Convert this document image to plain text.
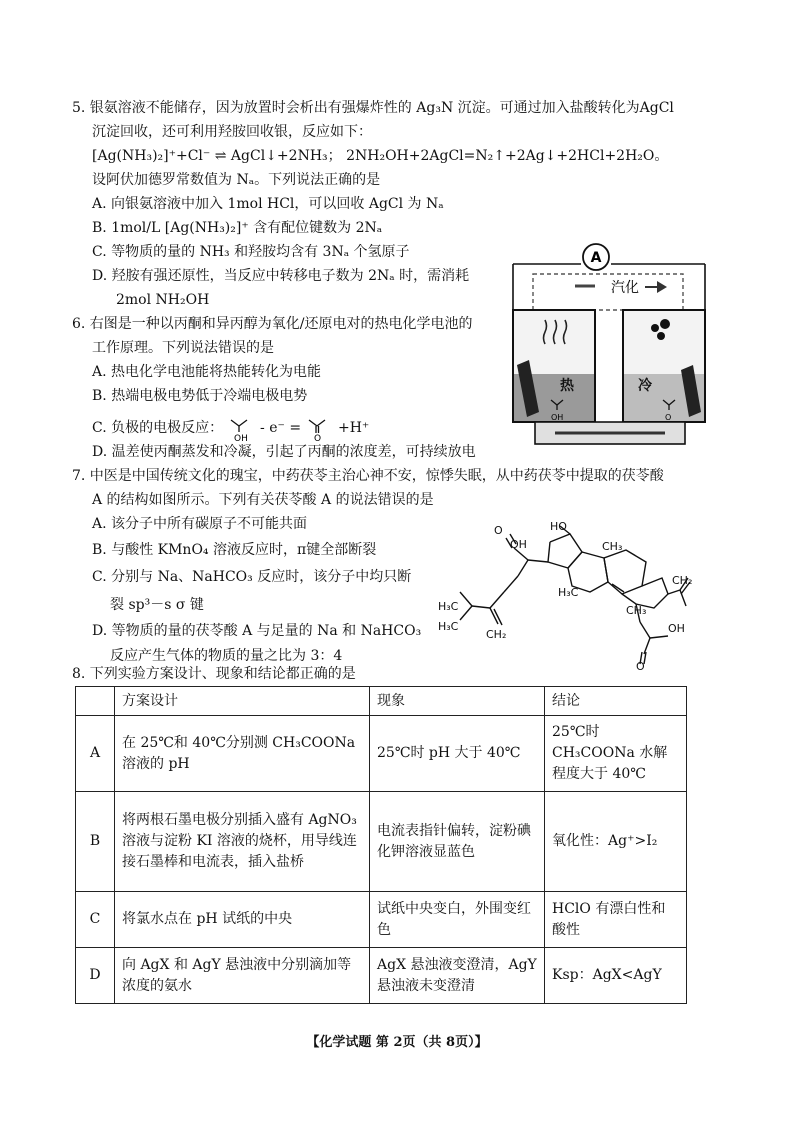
5. 银氨溶液不能储存，因为放置时会析出有强爆炸性的 Ag₃N 沉淀。可通过加入盐酸转化为AgCl
沉淀回收，还可利用羟胺回收银，反应如下：
[Ag(NH₃)₂]⁺+Cl⁻ ⇌ AgCl↓+2NH₃； 2NH₂OH+2AgCl=N₂↑+2Ag↓+2HCl+2H₂O。
设阿伏加德罗常数值为 Nₐ。下列说法正确的是
A. 向银氨溶液中加入 1mol HCl，可以回收 AgCl 为 Nₐ
B. 1mol/L [Ag(NH₃)₂]⁺ 含有配位键数为 2Nₐ
C. 等物质的量的 NH₃ 和羟胺均含有 3Nₐ 个氢原子
D. 羟胺有强还原性，当反应中转移电子数为 2Nₐ 时，需消耗
2mol NH₂OH
6. 右图是一种以丙酮和异丙醇为氧化/还原电对的热电化学电池的
工作原理。下列说法错误的是
A. 热电化学电池能将热能转化为电能
B. 热端电极电势低于冷端电极电势
C. 负极的电极反应：
OH
- e⁻ =
O
+H⁺
D. 温差使丙酮蒸发和冷凝，引起了丙酮的浓度差，可持续放电
A
汽化
热
OH
冷
O
7. 中医是中国传统文化的瑰宝，中药茯苓主治心神不安，惊悸失眠，从中药茯苓中提取的茯苓酸
A 的结构如图所示。下列有关茯苓酸 A 的说法错误的是
A. 该分子中所有碳原子不可能共面
B. 与酸性 KMnO₄ 溶液反应时，π键全部断裂
C. 分别与 Na、NaHCO₃ 反应时，该分子中均只断
裂 sp³－s σ 键
D. 等物质的量的茯苓酸 A 与足量的 Na 和 NaHCO₃
反应产生气体的物质的量之比为 3：4
HO
OH
O
CH₃
H₃C
CH₃
CH₂
CH₂
H₃C
H₃C	OH
O
8. 下列实验方案设计、现象和结论都正确的是
	方案设计	现象	结论
A	在 25℃和 40℃分别测 CH₃COONa 溶液的 pH	25℃时 pH 大于 40℃	25℃时 CH₃COONa 水解程度大于 40℃
B	将两根石墨电极分别插入盛有 AgNO₃ 溶液与淀粉 KI 溶液的烧杯，用导线连接石墨棒和电流表，插入盐桥	电流表指针偏转，淀粉碘化钾溶液显蓝色	氧化性：Ag⁺>I₂
C	将氯水点在 pH 试纸的中央	试纸中央变白，外围变红色	HClO 有漂白性和酸性
D	向 AgX 和 AgY 悬浊液中分别滴加等浓度的氨水	AgX 悬浊液变澄清，AgY 悬浊液未变澄清	Ksp：AgX<AgY
【化学试题 第 2页（共 8页）】
